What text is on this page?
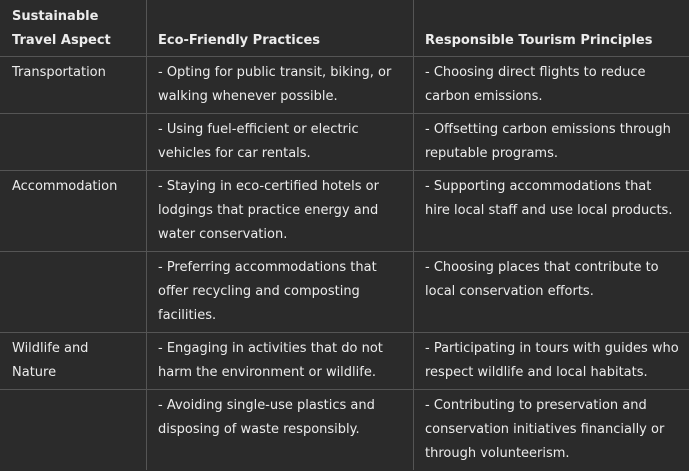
Sustainable Travel Aspect	Eco-Friendly Practices	Responsible Tourism Principles
Transportation	- Opting for public transit, biking, or walking whenever possible.	- Choosing direct flights to reduce carbon emissions.
	- Using fuel-efficient or electric vehicles for car rentals.	- Offsetting carbon emissions through reputable programs.
Accommodation	- Staying in eco-certified hotels or lodgings that practice energy and water conservation.	- Supporting accommodations that hire local staff and use local products.
	- Preferring accommodations that offer recycling and composting facilities.	- Choosing places that contribute to local conservation efforts.
Wildlife and Nature	- Engaging in activities that do not harm the environment or wildlife.	- Participating in tours with guides who respect wildlife and local habitats.
	- Avoiding single-use plastics and disposing of waste responsibly.	- Contributing to preservation and conservation initiatives financially or through volunteerism.
